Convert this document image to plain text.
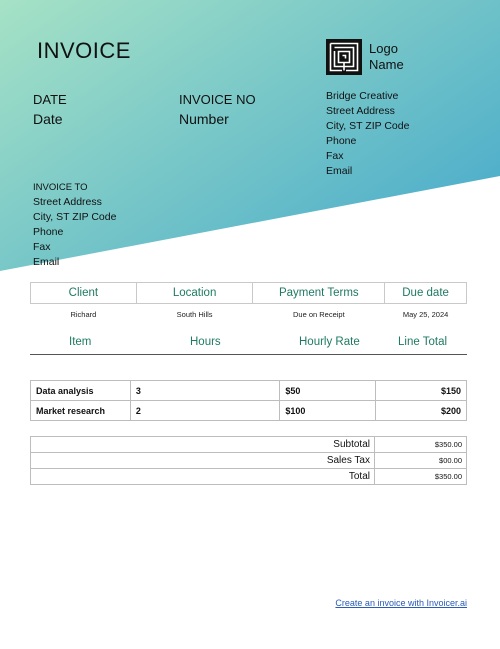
INVOICE	Logo
Name
DATE
Date
INVOICE NO
Number
Bridge Creative
Street Address
City, ST ZIP Code
Phone
Fax
Email
INVOICE TO
Street Address
City, ST ZIP Code
Phone
Fax
Email
Client	Location	Payment Terms	Due date
Richard	South Hills	Due on Receipt	May 25, 2024
Item	Hours	Hourly Rate	Line Total
Data analysis	3	$50	$150
Market research	2	$100	$200
Subtotal	$350.00
Sales Tax	$00.00
Total	$350.00
Create an invoice with Invoicer.ai
